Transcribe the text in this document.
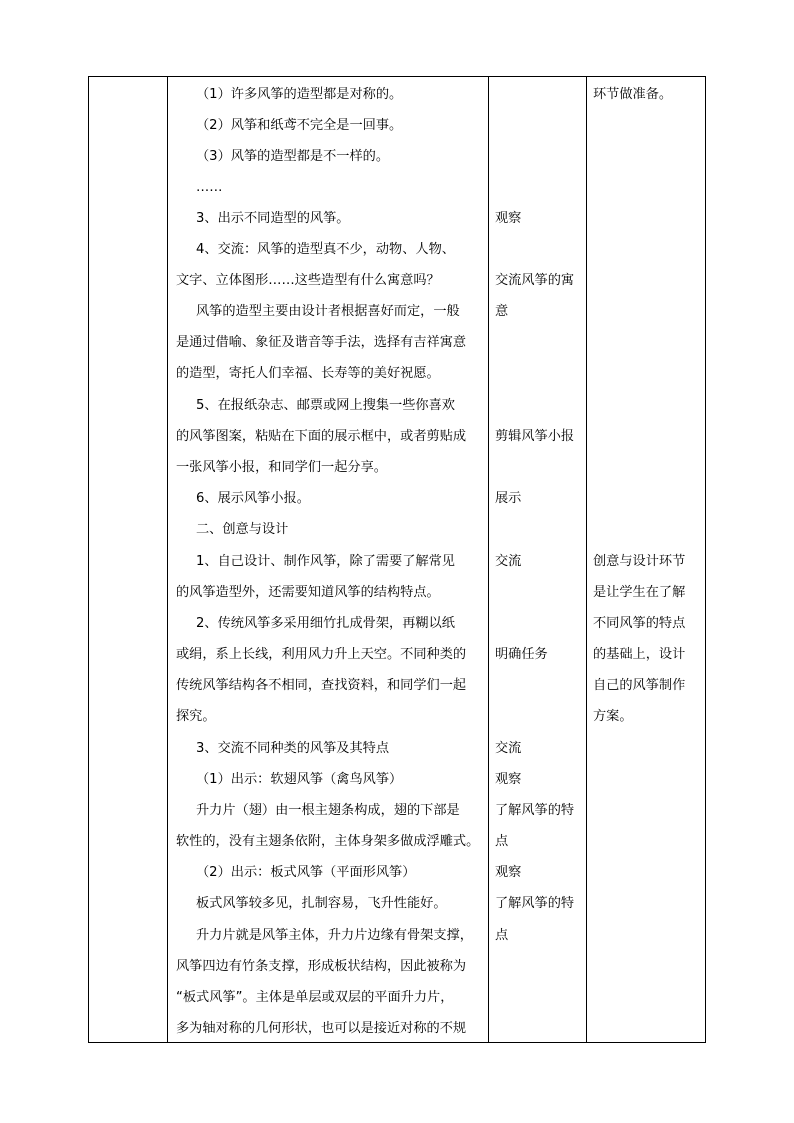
（1）许多风筝的造型都是对称的。
（2）风筝和纸鸢不完全是一回事。
（3）风筝的造型都是不一样的。
……
3、出示不同造型的风筝。
4、交流：风筝的造型真不少，动物、人物、
文字、立体图形……这些造型有什么寓意吗？
风筝的造型主要由设计者根据喜好而定，一般
是通过借喻、象征及谐音等手法，选择有吉祥寓意
的造型，寄托人们幸福、长寿等的美好祝愿。
5、在报纸杂志、邮票或网上搜集一些你喜欢
的风筝图案，粘贴在下面的展示框中，或者剪贴成
一张风筝小报，和同学们一起分享。
6、展示风筝小报。
二、创意与设计
1、自己设计、制作风筝，除了需要了解常见
的风筝造型外，还需要知道风筝的结构特点。
2、传统风筝多采用细竹扎成骨架，再糊以纸
或绢，系上长线，利用风力升上天空。不同种类的
传统风筝结构各不相同，查找资料，和同学们一起
探究。
3、交流不同种类的风筝及其特点
（1）出示：软翅风筝（禽鸟风筝）
升力片（翅）由一根主翅条构成，翅的下部是
软性的，没有主翅条依附，主体身架多做成浮雕式。
（2）出示：板式风筝（平面形风筝）
板式风筝较多见，扎制容易，飞升性能好。
升力片就是风筝主体，升力片边缘有骨架支撑，
风筝四边有竹条支撑，形成板状结构，因此被称为
“板式风筝”。主体是单层或双层的平面升力片，
多为轴对称的几何形状，也可以是接近对称的不规
观察
交流风筝的寓
意
剪辑风筝小报
展示
交流
明确任务
交流
观察
了解风筝的特
点
观察
了解风筝的特
点
环节做准备。
创意与设计环节
是让学生在了解
不同风筝的特点
的基础上，设计
自己的风筝制作
方案。
